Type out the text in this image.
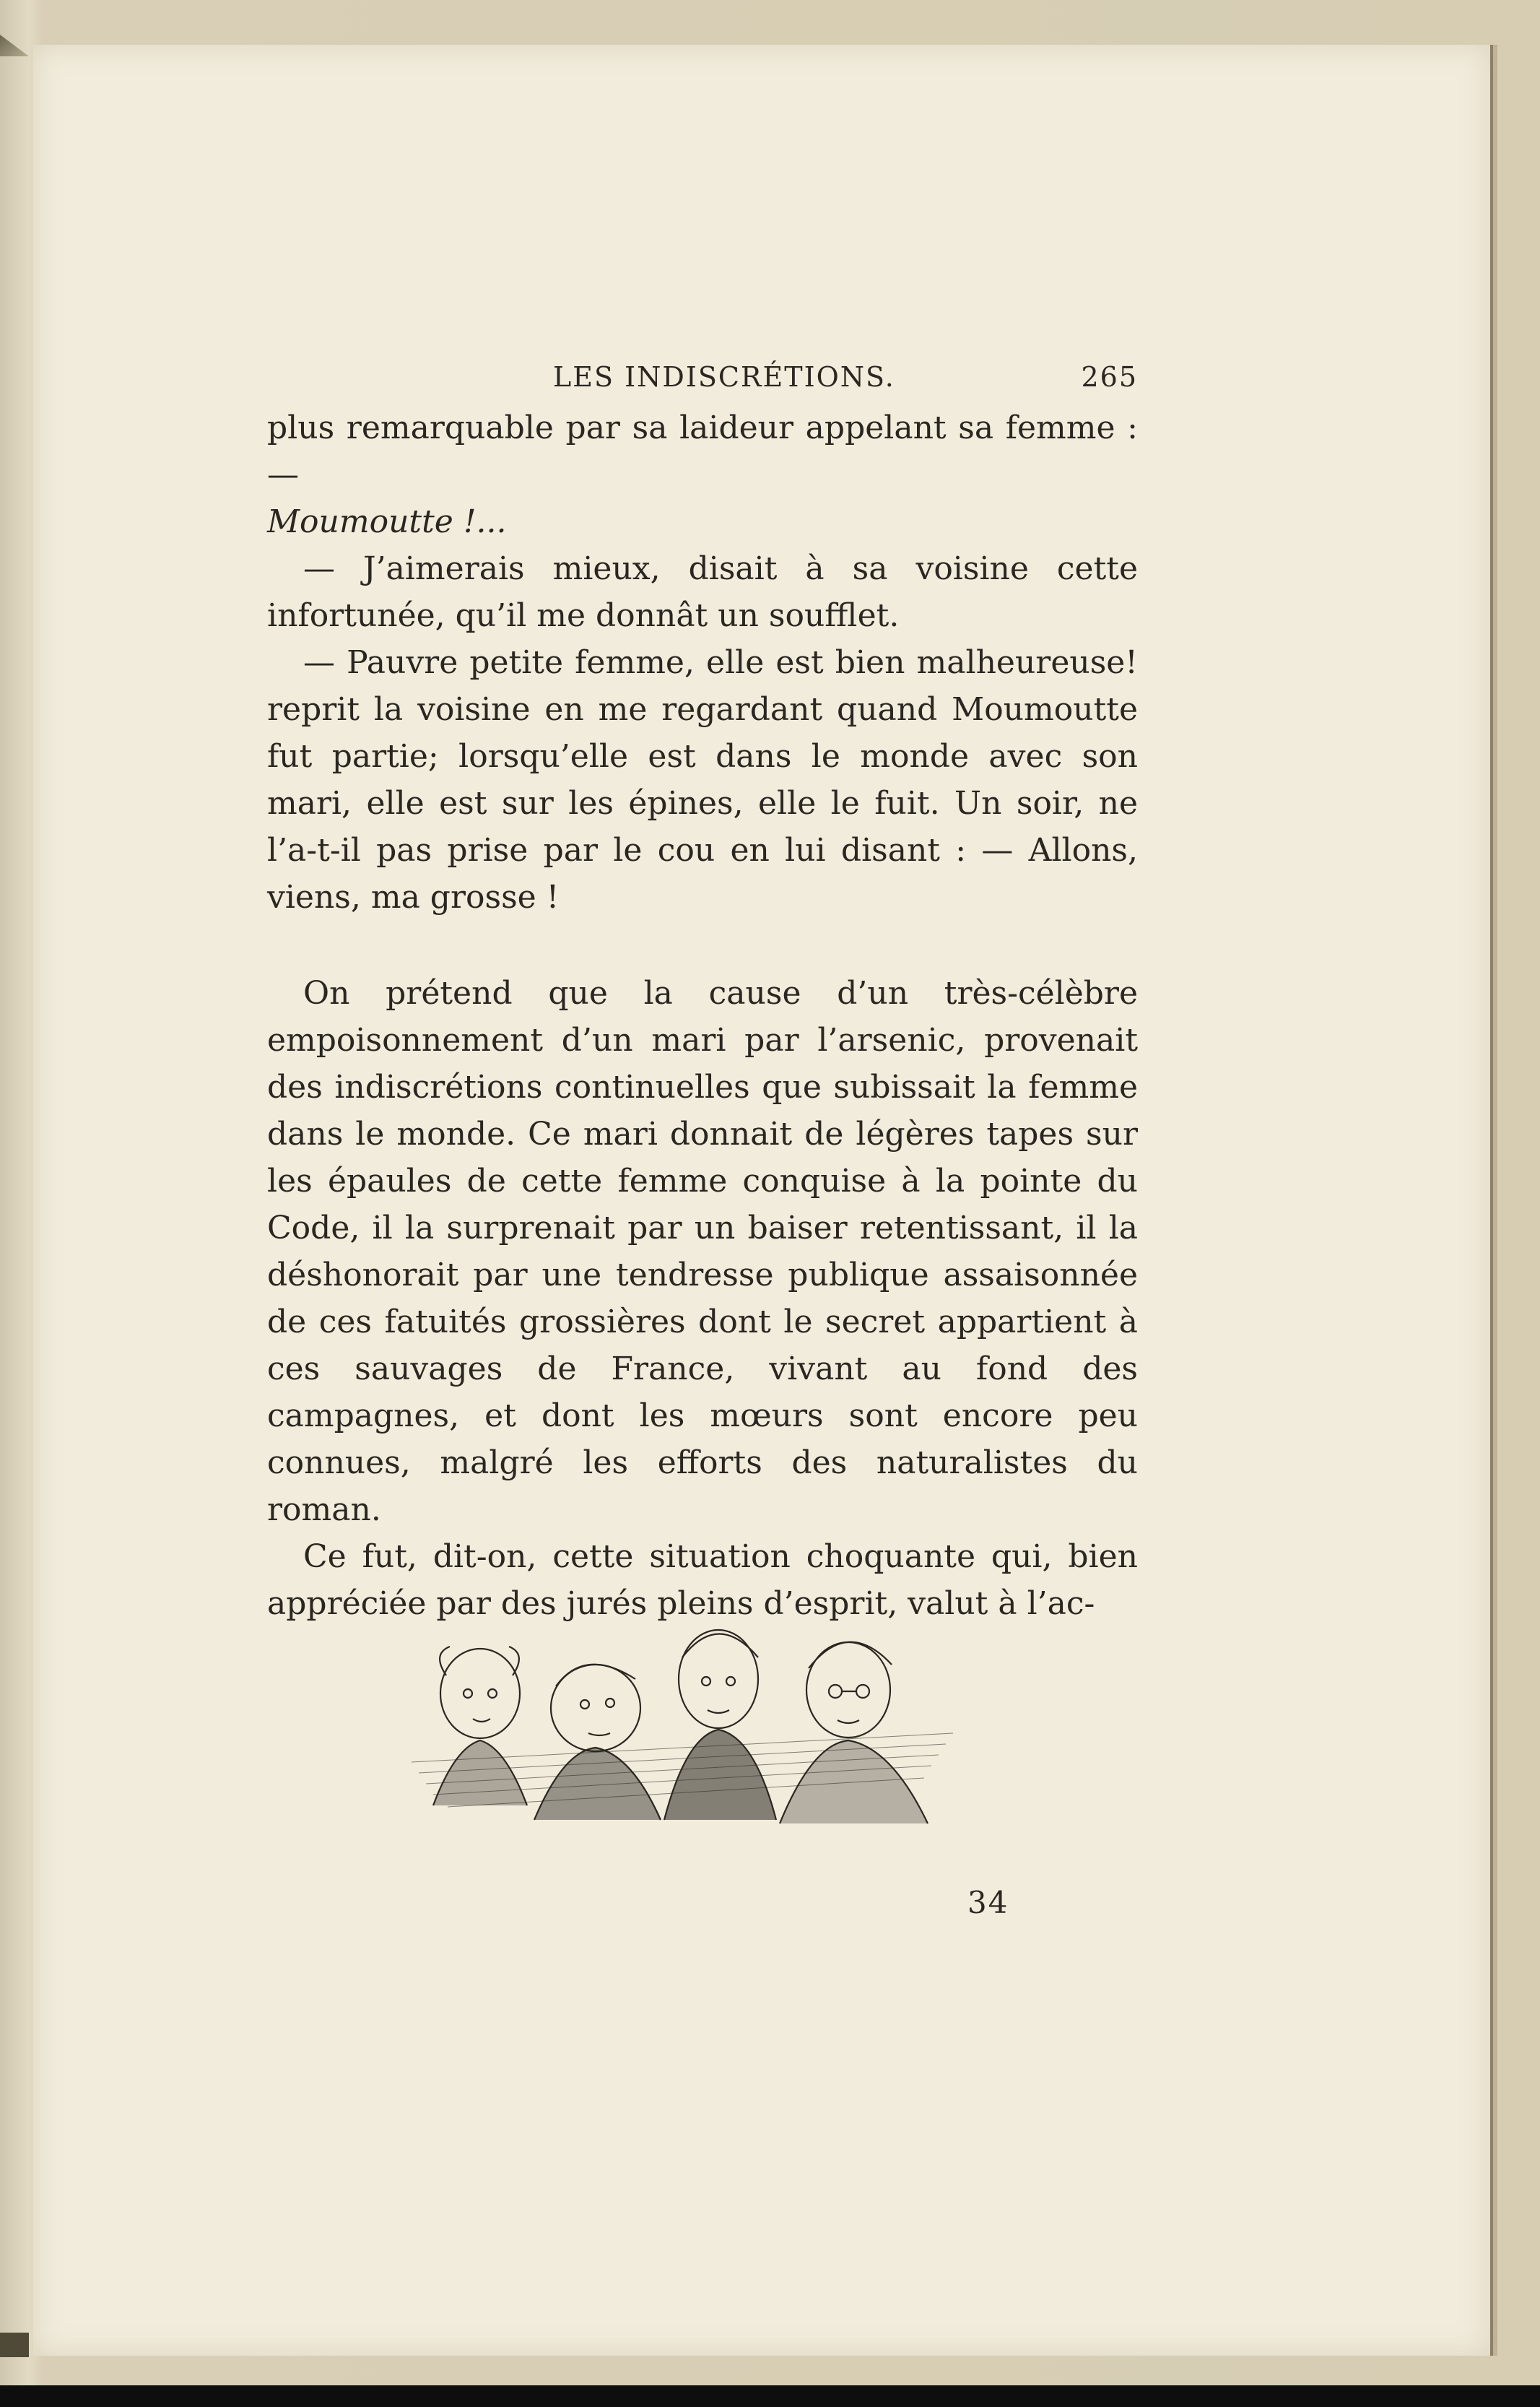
LES INDISCRÉTIONS.	265

plus remarquable par sa laideur appelant sa femme : —
Moumoutte !...

— J’aimerais mieux, disait à sa voisine cette infortunée, qu’il me donnât un soufflet.

— Pauvre petite femme, elle est bien malheureuse! reprit la voisine en me regardant quand Moumoutte fut partie; lorsqu’elle est dans le monde avec son mari, elle est sur les épines, elle le fuit. Un soir, ne l’a-t-il pas prise par le cou en lui disant : — Allons, viens, ma grosse !

On prétend que la cause d’un très-célèbre empoisonnement d’un mari par l’arsenic, provenait des indiscrétions continuelles que subissait la femme dans le monde. Ce mari donnait de légères tapes sur les épaules de cette femme conquise à la pointe du Code, il la surprenait par un baiser retentissant, il la déshonorait par une tendresse publique assaisonnée de ces fatuités grossières dont le secret appartient à ces sauvages de France, vivant au fond des campagnes, et dont les mœurs sont encore peu connues, malgré les efforts des naturalistes du roman.

Ce fut, dit-on, cette situation choquante qui, bien appréciée par des jurés pleins d’esprit, valut à l’ac-

34
